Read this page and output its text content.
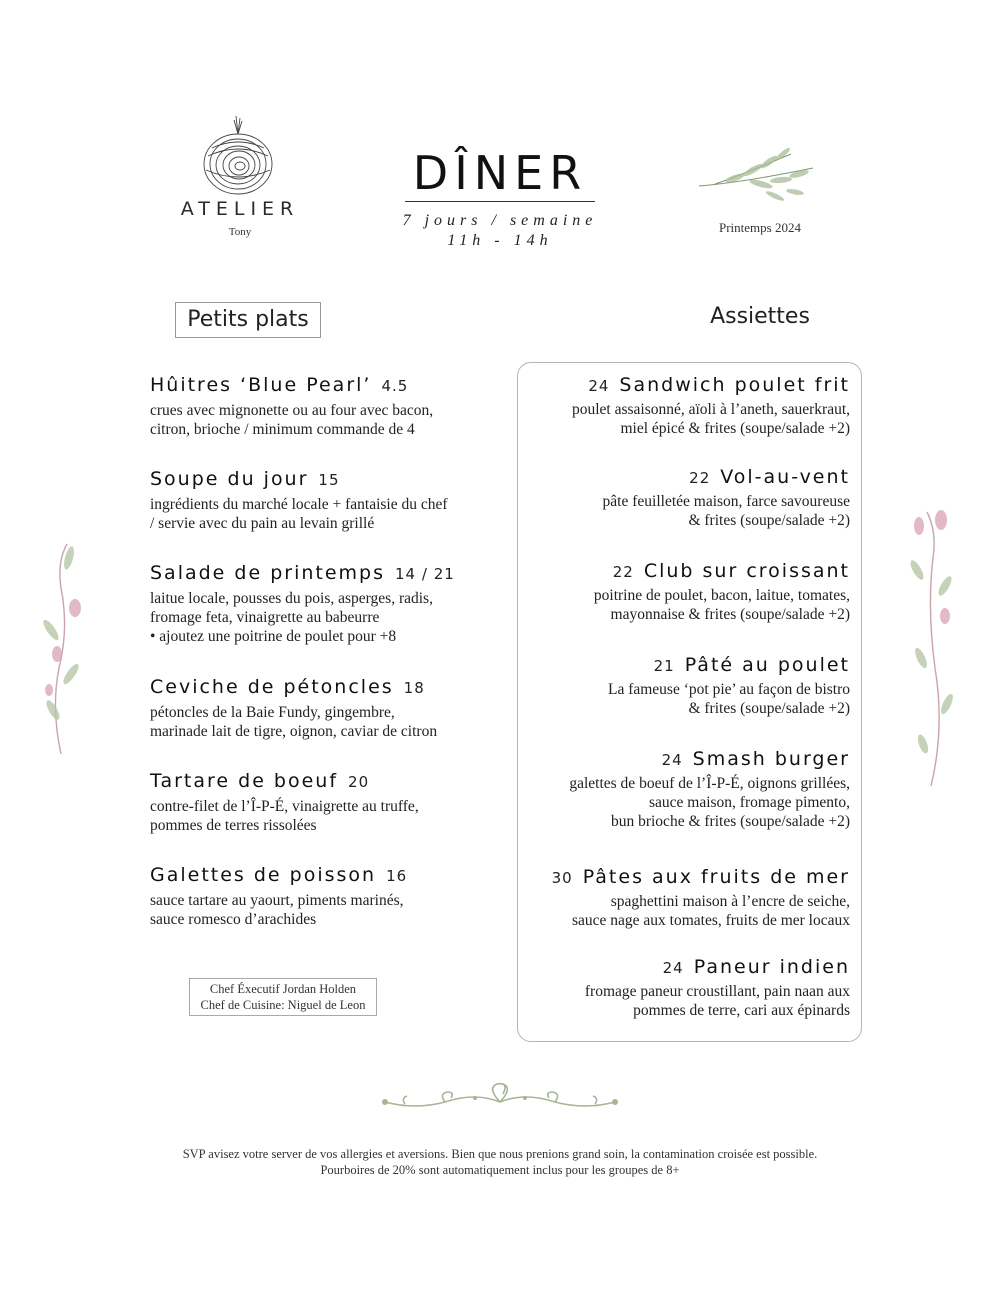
ATELIER
Tony
DÎNER
7 jours / semaine
11h - 14h
Printemps 2024
Petits plats	Assiettes
Hûitres ‘Blue Pearl’ 4.5
crues avec mignonette ou au four avec bacon,
citron, brioche / minimum commande de 4
Soupe du jour 15
ingrédients du marché locale + fantaisie du chef
/ servie avec du pain au levain grillé
Salade de printemps 14 / 21
laitue locale, pousses du pois, asperges, radis,
fromage feta, vinaigrette au babeurre
• ajoutez une poitrine de poulet pour +8
Ceviche de pétoncles 18
pétoncles de la Baie Fundy, gingembre,
marinade lait de tigre, oignon, caviar de citron
Tartare de boeuf 20
contre-filet de l’Î-P-É, vinaigrette au truffe,
pommes de terres rissolées
Galettes de poisson 16
sauce tartare au yaourt, piments marinés,
sauce romesco d’arachides
Chef Éxecutif Jordan Holden
Chef de Cuisine: Niguel de Leon
24 Sandwich poulet frit
poulet assaisonné, aïoli à l’aneth, sauerkraut,
miel épicé & frites (soupe/salade +2)
22 Vol-au-vent
pâte feuilletée maison, farce savoureuse
& frites (soupe/salade +2)
22 Club sur croissant
poitrine de poulet, bacon, laitue, tomates,
mayonnaise & frites (soupe/salade +2)
21 Pâté au poulet
La fameuse ‘pot pie’ au façon de bistro
& frites (soupe/salade +2)
24 Smash burger
galettes de boeuf de l’Î-P-É, oignons grillées,
sauce maison, fromage pimento,
bun brioche & frites (soupe/salade +2)
30 Pâtes aux fruits de mer
spaghettini maison à l’encre de seiche,
sauce nage aux tomates, fruits de mer locaux
24 Paneur indien
fromage paneur croustillant, pain naan aux
pommes de terre, cari aux épinards
SVP avisez votre server de vos allergies et aversions. Bien que nous prenions grand soin, la contamination croisée est possible.
Pourboires de 20% sont automatiquement inclus pour les groupes de 8+
